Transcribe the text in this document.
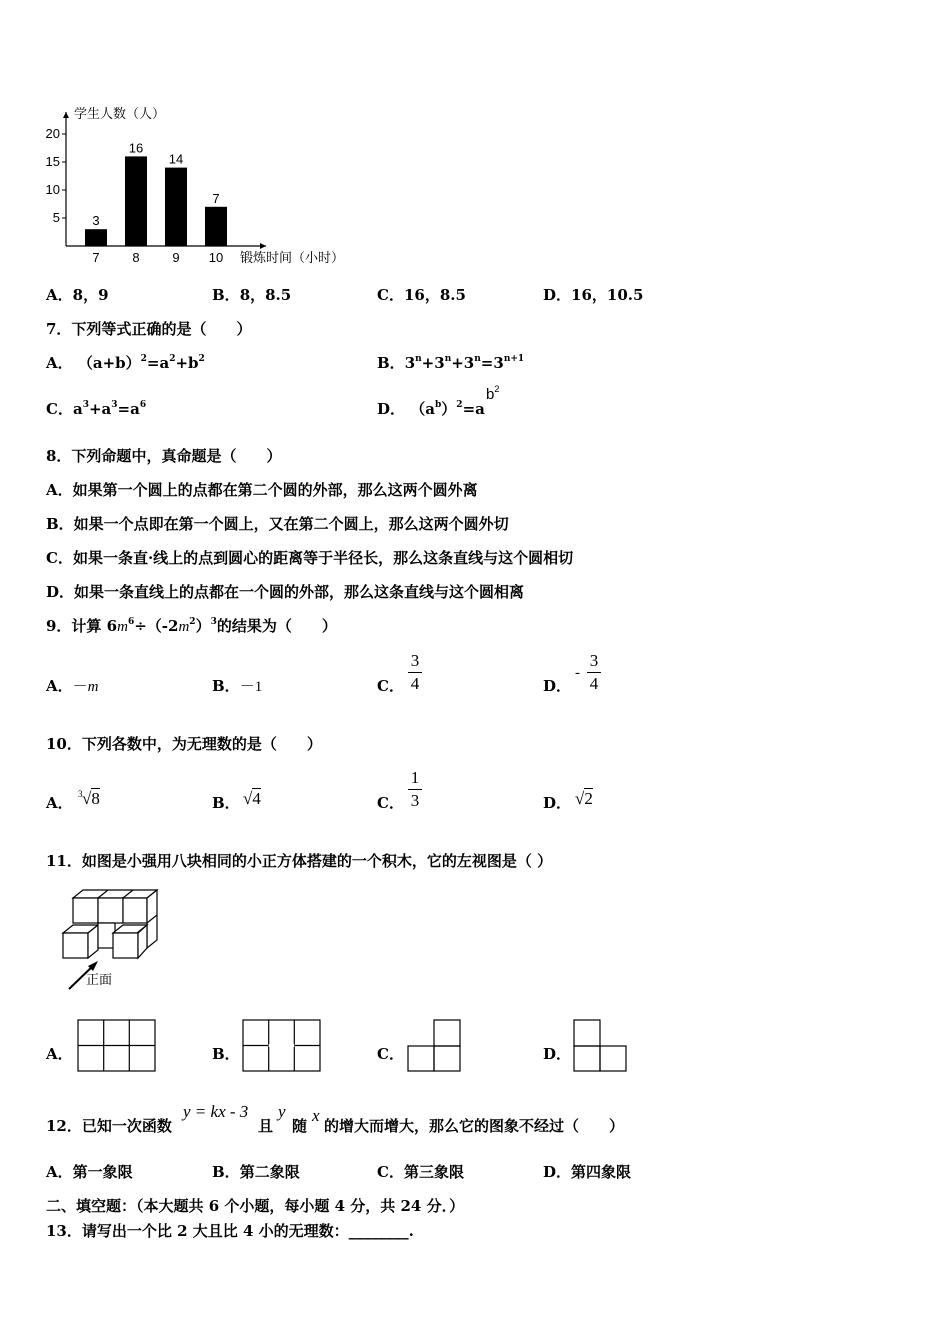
学生人数（人）
锻炼时间（小时）
5
10
15
20
3
7
16
8
14
9
7
10
A．8，9	B．8，8.5	C．16，8.5	D．16，10.5
7．下列等式正确的是（　　）
A． $(a+b)^2=a^2+b^2$	B．$3^n+3^n+3^n=3^{n+1}$
C．$a^3+a^3=a^6$	D． $(a^b)^2=a$
$b^2$
8．下列命题中，真命题是（　　）
A．如果第一个圆上的点都在第二个圆的外部，那么这两个圆外离
B．如果一个点即在第一个圆上，又在第二个圆上，那么这两个圆外切
C．如果一条直·线上的点到圆心的距离等于半径长，那么这条直线与这个圆相切
D．如果一条直线上的点都在一个圆的外部，那么这条直线与这个圆相离
9．计算 $6m^6\div(-2m^2)^3$的结果为（　　）
A．－m	B．－1	C．
3
4	D．
-
3
4
10．下列各数中，为无理数的是（　　）
A． 3 √8	B． √4	C．
1
3	D． √2
11．如图是小强用八块相同的小正方体搭建的一个积木，它的左视图是（ ）
正面
A．	B．	C．	D．
12．已知一次函数
y = kx - 3
且
y
随
x
的增大而增大，那么它的图象不经过（　　）
A．第一象限	B．第二象限	C．第三象限	D．第四象限
二、填空题：（本大题共 6 个小题，每小题 4 分，共 24 分．）
13．请写出一个比 2 大且比 4 小的无理数：________.
